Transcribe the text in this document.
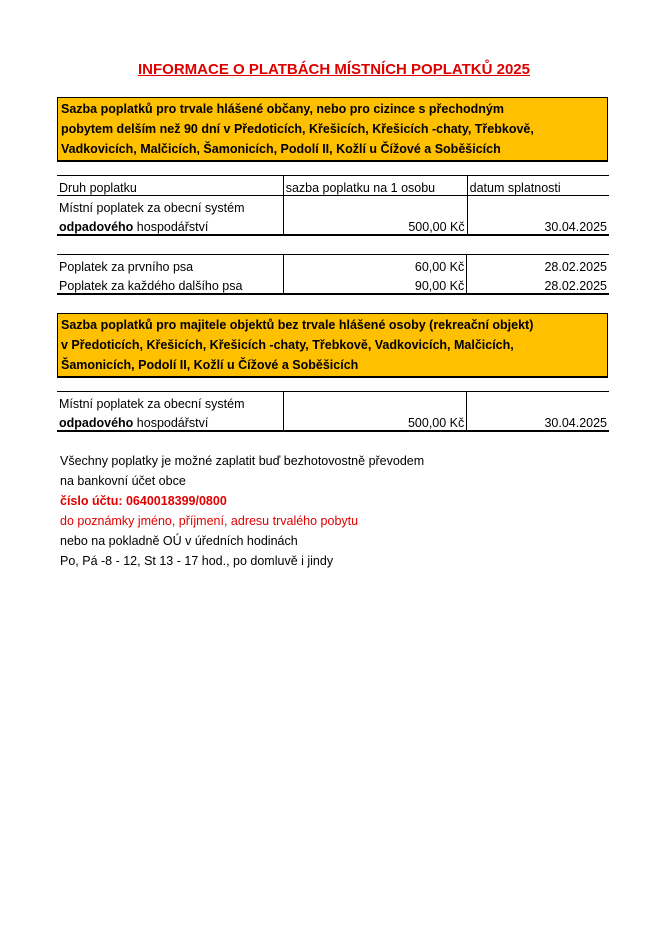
INFORMACE O PLATBÁCH MÍSTNÍCH POPLATKŮ 2025
Sazba poplatků pro trvale hlášené občany, nebo pro cizince s přechodným
pobytem delším než 90 dní v Předoticích, Křešicích, Křešicích -chaty, Třebkově,
Vadkovicích, Malčicích, Šamonicích, Podolí II, Kožlí u Čížové a Soběšicích
Druh poplatku	sazba poplatku na 1 osobu	datum splatnosti
Místní poplatek za obecní systém		
odpadového hospodářství	500,00 Kč	30.04.2025
Poplatek za prvního psa	60,00 Kč	28.02.2025
Poplatek za každého dalšího psa	90,00 Kč	28.02.2025
Sazba poplatků pro majitele objektů bez trvale hlášené osoby (rekreační objekt)
v Předoticích, Křešicích, Křešicích -chaty, Třebkově, Vadkovicích, Malčicích,
Šamonicích, Podolí II, Kožlí u Čížové a Soběšicích
Místní poplatek za obecní systém		
odpadového hospodářství	500,00 Kč	30.04.2025
Všechny poplatky je možné zaplatit buď bezhotovostně převodem
na bankovní účet obce
číslo účtu: 0640018399/0800
do poznámky jméno, příjmení, adresu trvalého pobytu
nebo na pokladně OÚ v úředních hodinách
Po, Pá -8 - 12, St 13 - 17 hod., po domluvě i jindy
